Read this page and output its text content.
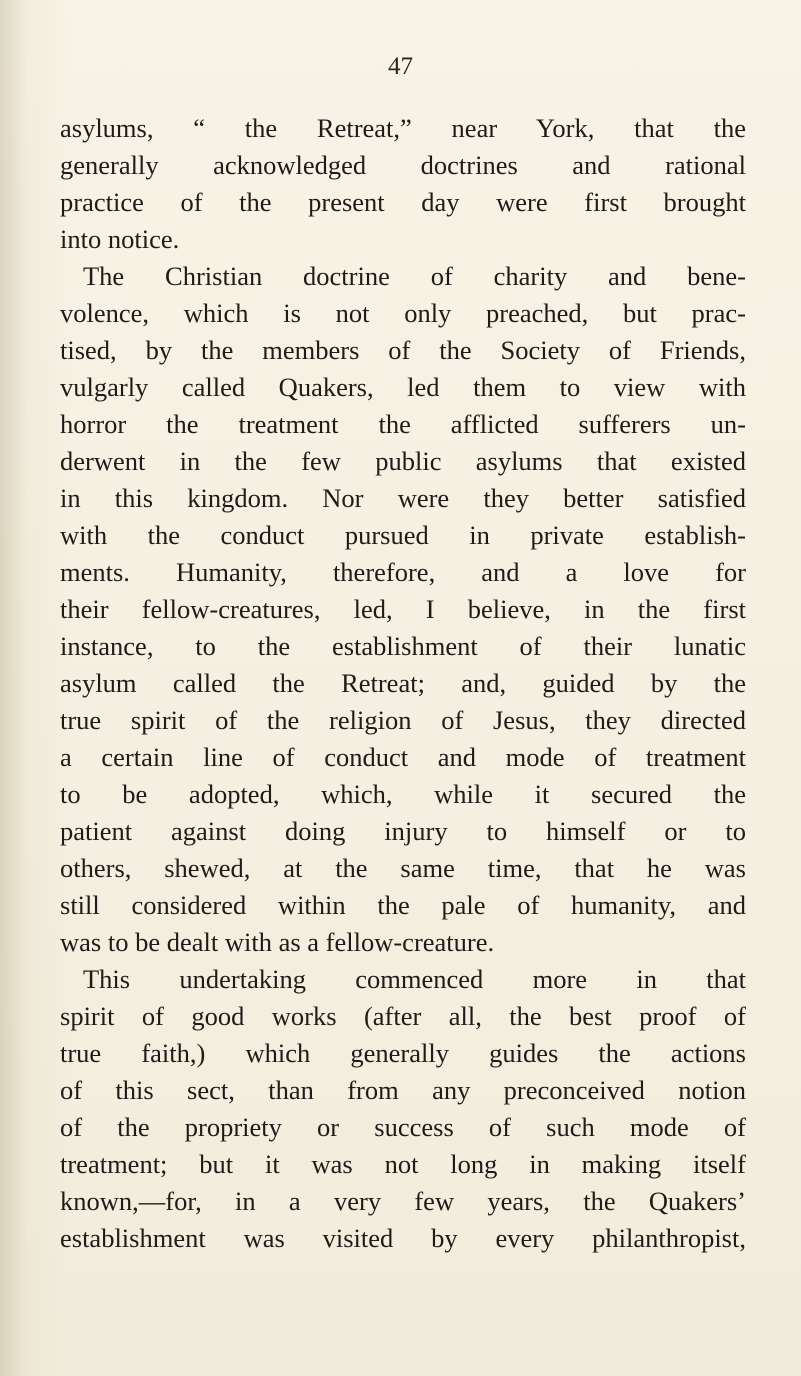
47
asylums, “ the Retreat,” near York, that the
generally acknowledged doctrines and rational
practice of the present day were first brought
into notice.
The Christian doctrine of charity and bene-
volence, which is not only preached, but prac-
tised, by the members of the Society of Friends,
vulgarly called Quakers, led them to view with
horror the treatment the afflicted sufferers un-
derwent in the few public asylums that existed
in this kingdom. Nor were they better satisfied
with the conduct pursued in private establish-
ments. Humanity, therefore, and a love for
their fellow-creatures, led, I believe, in the first
instance, to the establishment of their lunatic
asylum called the Retreat; and, guided by the
true spirit of the religion of Jesus, they directed
a certain line of conduct and mode of treatment
to be adopted, which, while it secured the
patient against doing injury to himself or to
others, shewed, at the same time, that he was
still considered within the pale of humanity, and
was to be dealt with as a fellow-creature.
This undertaking commenced more in that
spirit of good works (after all, the best proof of
true faith,) which generally guides the actions
of this sect, than from any preconceived notion
of the propriety or success of such mode of
treatment; but it was not long in making itself
known,—for, in a very few years, the Quakers’
establishment was visited by every philanthropist,
